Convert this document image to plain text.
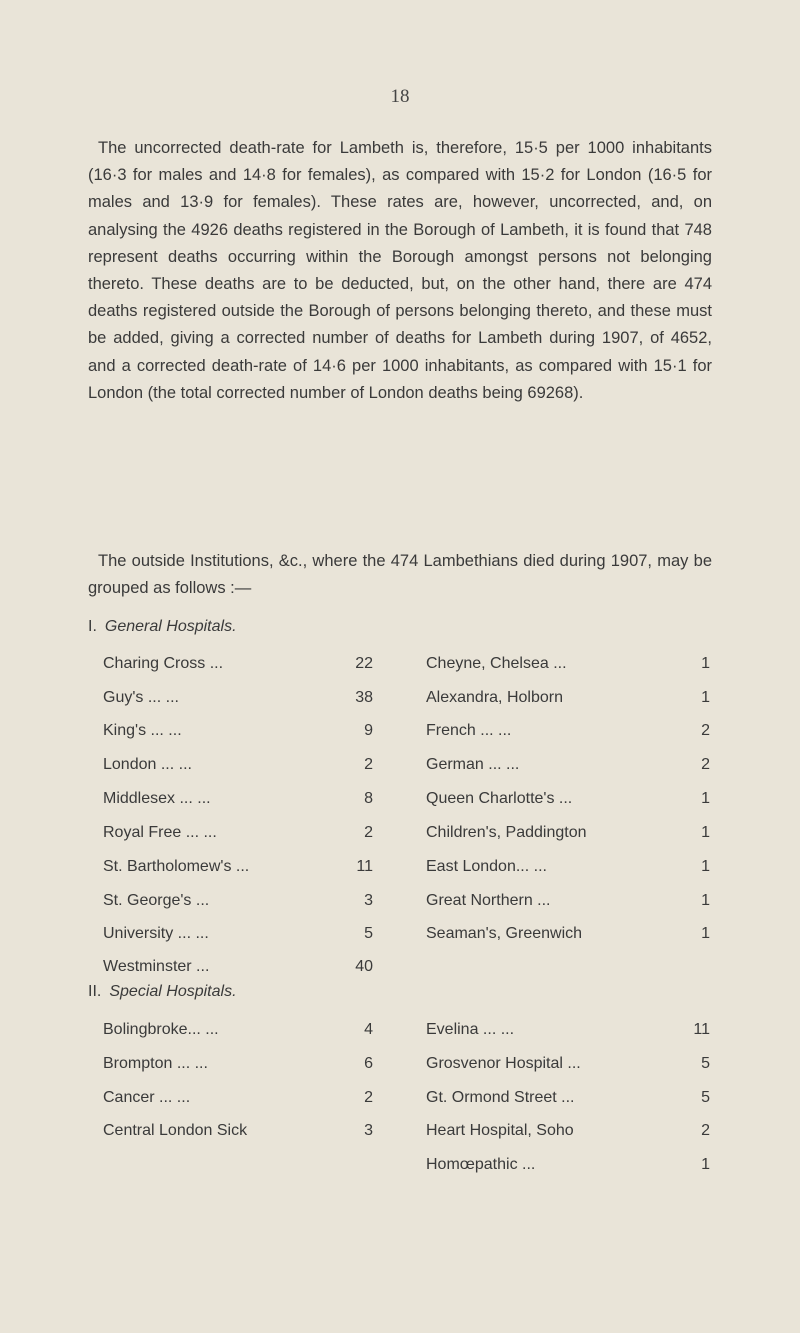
18

The uncorrected death-rate for Lambeth is, therefore, 15·5 per 1000 inhabitants (16·3 for males and 14·8 for females), as compared with 15·2 for London (16·5 for males and 13·9 for females). These rates are, however, uncorrected, and, on analysing the 4926 deaths registered in the Borough of Lambeth, it is found that 748 represent deaths occurring within the Borough amongst persons not belonging thereto. These deaths are to be deducted, but, on the other hand, there are 474 deaths registered outside the Borough of persons belonging thereto, and these must be added, giving a corrected number of deaths for Lambeth during 1907, of 4652, and a corrected death-rate of 14·6 per 1000 inhabitants, as compared with 15·1 for London (the total corrected number of London deaths being 69268).

The outside Institutions, &c., where the 474 Lambethians died during 1907, may be grouped as follows :—

I. General Hospitals.
Charing Cross ...	22
Guy's ... ...	38
King's ... ...	9
London ... ...	2
Middlesex ... ...	8
Royal Free ... ...	2
St. Bartholomew's ...	11
St. George's ...	3
University ... ...	5
Westminster ...	40
Cheyne, Chelsea ...	1
Alexandra, Holborn	1
French ... ...	2
German ... ...	2
Queen Charlotte's ...	1
Children's, Paddington	1
East London... ...	1
Great Northern ...	1
Seaman's, Greenwich	1
II. Special Hospitals.
Bolingbroke... ...	4
Brompton ... ...	6
Cancer ... ...	2
Central London Sick	3
Evelina ... ...	11
Grosvenor Hospital ...	5
Gt. Ormond Street ...	5
Heart Hospital, Soho	2
Homœpathic ...	1
